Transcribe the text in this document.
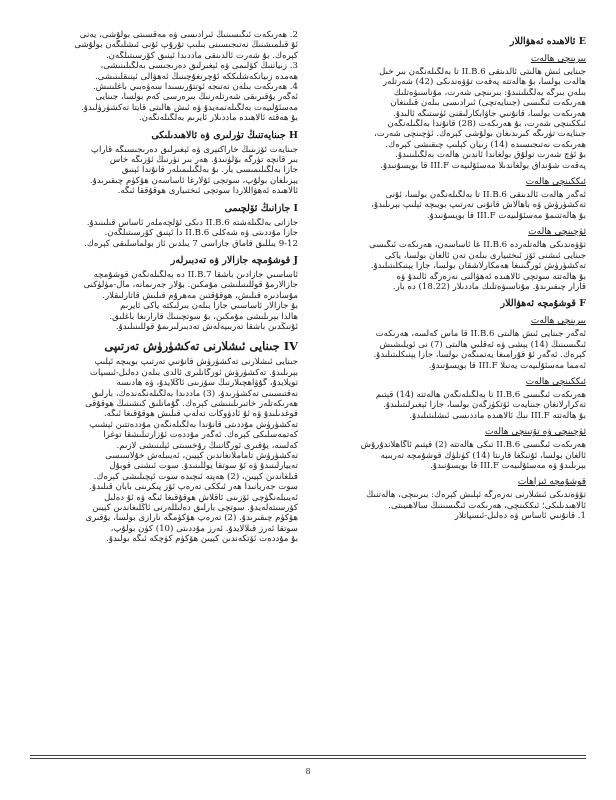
E ئالاھىدە ئەھۋاللار
بىرىنچى ھالەت
جىنايى ئىش ھالىتى ئالدىنقى II.B.6 تا بەلگىلەنگەن بىر خىل
ھالەت بولسا، بۇ ھالەتتە پەقەت تۆۋەندىكى (42) شەرتلەر
بىلەن بىرگە بەلگىلىنىدۇ: بىرىنچى شەرت، مۇناسىۋەتلىك
ھەرىكەت ئىگىسى (جىنايەتچى) ئىرادىسى بىلەن قىلىنغان
ھەرىكەت بولسا، قانۇنىي جاۋابكارلىقنى ئۈستىگە ئالىدۇ.
ئىككىنچى شەرت، بۇ ھەرىكەت (28) قانۇندا بەلگىلەنگەن
جىنايەت تۈرىگە كىرىدىغان بولۇشى كېرەك. ئۈچىنچى شەرت،
ھەرىكەت نەتىجىسىدە (14) زىيان كېلىپ چىقىشى كېرەك.
بۇ ئۈچ شەرت تولۇق بولغاندا ئاندىن ھالەت بەلگىلىنىدۇ.
پەقەت شۇنداق بولغاندىلا مەسئۇلىيەت III.F قا بويسۇنىدۇ.
ئىككىنچى ھالەت
ئەگەر ھالەت ئالدىنقى II.B.6 تا بەلگىلەنگەن بولسا، ئۇنى
تەكشۈرۈش ۋە باھالاش قانۇنى تەرتىپ بويىچە ئېلىپ بېرىلىدۇ،
بۇ ھالەتتىمۇ مەسئۇلىيەت III.F قا بويسۇنىدۇ.
ئۈچىنچى ھالەت
تۆۋەندىكى ھالەتلەردە II.B.6 غا ئاساسەن، ھەرىكەت ئىگىسى
جىنايى ئىشنى ئۆز ئىختىيارى بىلەن تەن ئالغان بولسا، ياكى
تەكشۈرۈش ئورگىنىغا ھەمكارلاشقان بولسا، جازا يېنىكلىتىلىدۇ.
بۇ ھالەتتە سوتچى ئالاھىدە ئەھۋالنى نەزەرگە ئالىدۇ ۋە
قارار چىقىرىدۇ. مۇناسىۋەتلىك ماددىلار (18.22) دە بار.
F قوشۇمچە ئەھۋاللار
بىرىنچى ھالەت
ئەگەر جىنايى ئىش ھالىتى II.B.6 قا ماس كەلسە، ھەرىكەت
ئىگىسىنىڭ (14) يېشى ۋە ئەقلىي ھالىتى (7) نى ئويلىشىش
كېرەك. ئەگەر ئۇ قۇرامىغا يەتمىگەن بولسا، جازا يېنىكلىتىلىدۇ.
ئەمما مەسئۇلىيەت يەنىلا III.F قا بويسۇنىدۇ.
ئىككىنچى ھالەت
ھەرىكەت ئىگىسى II.B.6 تا بەلگىلەنگەن ھالەتتە (14) قېتىم
تەكرارلانغان جىنايەت ئۆتكۈزگەن بولسا، جازا ئېغىرلىتىلىدۇ.
بۇ ھالەتتە III.F نىڭ ئالاھىدە ماددىسى ئىشلىتىلىدۇ.
ئۈچىنچى ۋە تۆتىنچى ھالەت
ھەرىكەت ئىگىسى II.B.6 تىكى ھالەتتە (2) قېتىم ئاگاھلاندۇرۇش
ئالغان بولسا، ئۇنىڭغا قارىتا (14) كۈنلۈك قوشۇمچە تەربىيە
بېرىلىدۇ ۋە مەسئۇلىيەت III.F قا بويسۇنىدۇ.
قوشۇمچە ئىزاھات
تۆۋەندىكى ئىشلارنى نەزەرگە ئېلىش كېرەك: بىرىنچى، ھالەتنىڭ
ئالاھىدىلىكى؛ ئىككىنچى، ھەرىكەت ئىگىسىنىڭ سالاھىيىتى.
1. قانۇنىي ئاساس ۋە دەلىل-ئىسپاتلار
2. ھەرىكەت ئىگىسىنىڭ ئىرادىسى ۋە مەقسىتى بولۇشى، يەنى
ئۇ قىلمىشنىڭ نەتىجىسىنى بىلىپ تۇرۇپ ئۇنى ئىشلىگەن بولۇشى
كېرەك. بۇ شەرت ئالدىنقى ماددىدا ئېنىق كۆرسىتىلگەن.
3. زىياننىڭ كۆلىمى ۋە ئېغىرلىق دەرىجىسى بەلگىلىنىشى،
ھەمدە زىيانكەشلىككە ئۇچرىغۇچىنىڭ ئەھۋالى ئېنىقلىنىشى.
4. ھەرىكەت بىلەن نەتىجە ئوتتۇرىسىدا سەۋەبىي باغلىنىش.
ئەگەر يۇقىرىقى شەرتلەرنىڭ بىرەرسى كەم بولسا، جىنايى
مەسئۇلىيەت بەلگىلەنمەيدۇ ۋە ئىش ھالىتى قايتا تەكشۈرۈلىدۇ.
بۇ ھەقتە ئالاھىدە ماددىلار ئايرىم بەلگىلەنگەن.
H جىنايەتنىڭ تۈرلىرى ۋە ئالاھىدىلىكى
جىنايەت ئۆزىنىڭ خاراكتېرى ۋە ئېغىرلىق دەرىجىسىگە قاراپ
بىر قانچە تۈرگە بۆلۈنىدۇ. ھەر بىر تۈرنىڭ ئۆزىگە خاس
جازا بەلگىلىمىسى بار. بۇ بەلگىلىمىلەر قانۇندا ئېنىق
يېزىلغان بولۇپ، سوتچى ئۇلارغا ئاساسەن ھۆكۈم چىقىرىدۇ.
ئالاھىدە ئەھۋاللاردا سوتچى ئىختىيارى ھوقۇققا ئىگە.
I جازانىڭ ئۆلچىمى
جازانى بەلگىلەشتە II.B.6 دىكى ئۆلچەملەر ئاساس قىلىنىدۇ.
جازا مۇددىتى ۋە شەكلى II.B.6 دا ئېنىق كۆرسىتىلگەن.
9-12 يىللىق قاماق جازاسى 7 يىلدىن ئاز بولماسلىقى كېرەك.
J قوشۇمچە جازالار ۋە تەدبىرلەر
ئاساسىي جازادىن باشقا II.B.7 دە بەلگىلەنگەن قوشۇمچە
جازالارمۇ قوللىنىلىشى مۇمكىن. بۇلار جەرىمانە، مال-مۈلۈكنى
مۇسادىرە قىلىش، ھوقۇقتىن مەھرۇم قىلىش قاتارلىقلار.
بۇ جازالار ئاساسىي جازا بىلەن بىرلىكتە ياكى ئايرىم
ھالدا بېرىلىشى مۇمكىن، بۇ سوتچىنىڭ قارارىغا باغلىق.
ئۇنىڭدىن باشقا تەربىيەلەش تەدبىرلىرىمۇ قوللىنىلىدۇ.
IV جىنايى ئىشلارنى تەكشۈرۈش تەرتىپى
جىنايى ئىشلارنى تەكشۈرۈش قانۇنىي تەرتىپ بويىچە ئېلىپ
بېرىلىدۇ. تەكشۈرۈش ئورگانلىرى ئالدى بىلەن دەلىل-ئىسپات
توپلايدۇ، گۇۋاھچىلارنىڭ سۆزىنى ئاڭلايدۇ، ۋە ھادىسە
نەقتىسىنى تەكشۈرىدۇ. (3) ماددىدا بەلگىلەنگەندەك، بارلىق
ھەرىكەتلەر خاتىرىلىنىشى كېرەك. گۇمانلىق كىشىنىڭ ھوقۇقى
قوغدىلىدۇ ۋە ئۇ ئادۋوكات تەلەپ قىلىش ھوقۇقىغا ئىگە.
تەكشۈرۈش مۇددىتى قانۇندا بەلگىلەنگەن مۇددەتتىن ئېشىپ
كەتمەسلىكى كېرەك. ئەگەر مۇددەت ئۇزارتىلىشقا توغرا
كەلسە، يۇقىرى ئورگاننىڭ رۇخسىتى ئېلىنىشى لازىم.
تەكشۈرۈش تاماملانغاندىن كېيىن، ئەيىبلەش خۇلاسىسى
تەييارلىنىدۇ ۋە ئۇ سوتقا يوللىنىدۇ. سوت ئىشنى قوبۇل
قىلغاندىن كېيىن، (2) ھەپتە ئىچىدە سوت ئېچىلىشى كېرەك.
سوت جەريانىدا ھەر ئىككى تەرەپ ئۆز پىكرىنى بايان قىلىدۇ.
ئەيىبلەنگۈچى ئۆزىنى ئاقلاش ھوقۇقىغا ئىگە ۋە ئۇ دەلىل
كۆرسىتەلەيدۇ. سوتچى بارلىق دەلىللەرنى ئاڭلىغاندىن كېيىن
ھۆكۈم چىقىرىدۇ. (2) تەرەپ ھۆكۈمگە نارازى بولسا، يۇقىرى
سوتقا ئەرز قىلالايدۇ. ئەرز مۇددىتى (10) كۈن بولۇپ،
بۇ مۇددەت ئۆتكەندىن كېيىن ھۆكۈم كۈچكە ئىگە بولىدۇ.
8
